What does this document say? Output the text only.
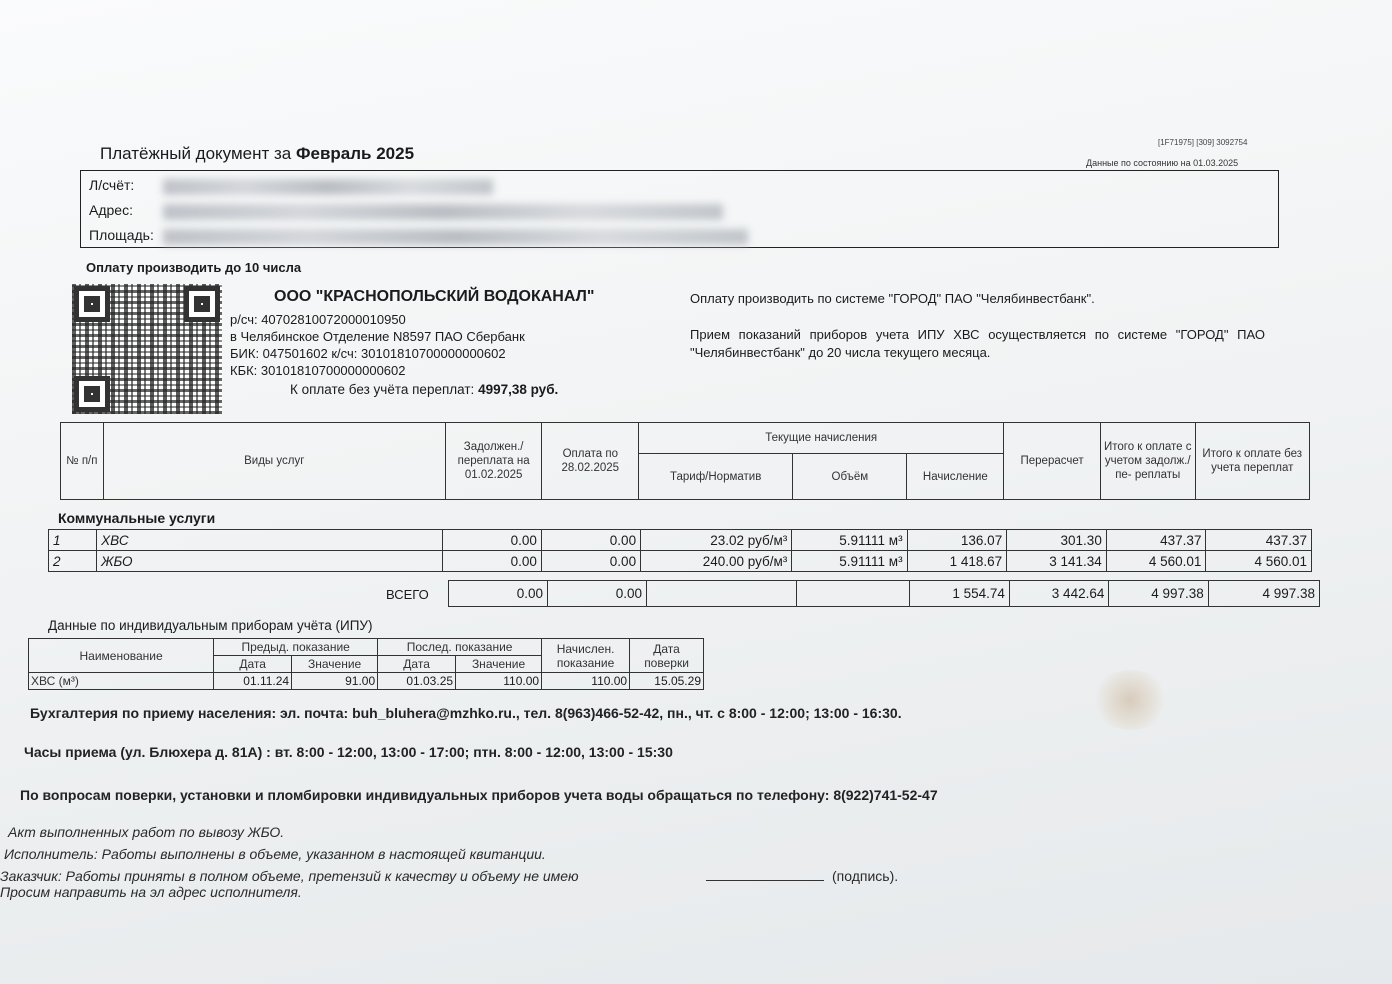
Платёжный документ за Февраль 2025
[1F71975] [309] 3092754
Данные по состоянию на 01.03.2025
Л/счёт:
Адрес:
Площадь:
Оплату производить до 10 числа
ООО "КРАСНОПОЛЬСКИЙ ВОДОКАНАЛ"
р/сч: 40702810072000010950
в Челябинское Отделение N8597 ПАО Сбербанк
БИК: 047501602 к/сч: 30101810700000000602
КБК: 30101810700000000602
К оплате без учёта переплат: 4997,38 руб.
Оплату производить по системе "ГОРОД" ПАО "Челябинвестбанк".
Прием показаний приборов учета ИПУ ХВС осуществляется по системе "ГОРОД" ПАО "Челябинвестбанк" до 20 числа текущего месяца.
№ п/п	Виды услуг	Задолжен./ переплата на 01.02.2025	Оплата по 28.02.2025	Текущие начисления			Перерасчет	Итого к оплате с учетом задолж./пе- реплаты	Итого к оплате без учета переплат
				Тариф/Норматив	Объём	Начисление			
Коммунальные услуги
1	ХВС	0.00	0.00	23.02 руб/м³	5.91111 м³	136.07	301.30	437.37	437.37
2	ЖБО	0.00	0.00	240.00 руб/м³	5.91111 м³	1 418.67	3 141.34	4 560.01	4 560.01
ВСЕГО	0.00	0.00			1 554.74	3 442.64	4 997.38	4 997.38
Данные по индивидуальным приборам учёта (ИПУ)
Наименование	Предыд. показание		Послед. показание		Начислен. показание	Дата поверки
	Дата	Значение	Дата	Значение		
ХВС (м³)	01.11.24	91.00	01.03.25	110.00	110.00	15.05.29
Бухгалтерия по приему населения: эл. почта: buh_bluhera@mzhko.ru., тел. 8(963)466-52-42, пн., чт. с 8:00 - 12:00; 13:00 - 16:30.
Часы приема (ул. Блюхера д. 81А) : вт. 8:00 - 12:00, 13:00 - 17:00; птн. 8:00 - 12:00, 13:00 - 15:30
По вопросам поверки, установки и пломбировки индивидуальных приборов учета воды обращаться по телефону: 8(922)741-52-47
Акт выполненных работ по вывозу ЖБО.
Исполнитель: Работы выполнены в объеме, указанном в настоящей квитанции.
Заказчик: Работы приняты в полном объеме, претензий к качеству и объему не имею	(подпись).
Просим направить на эл адрес исполнителя.
